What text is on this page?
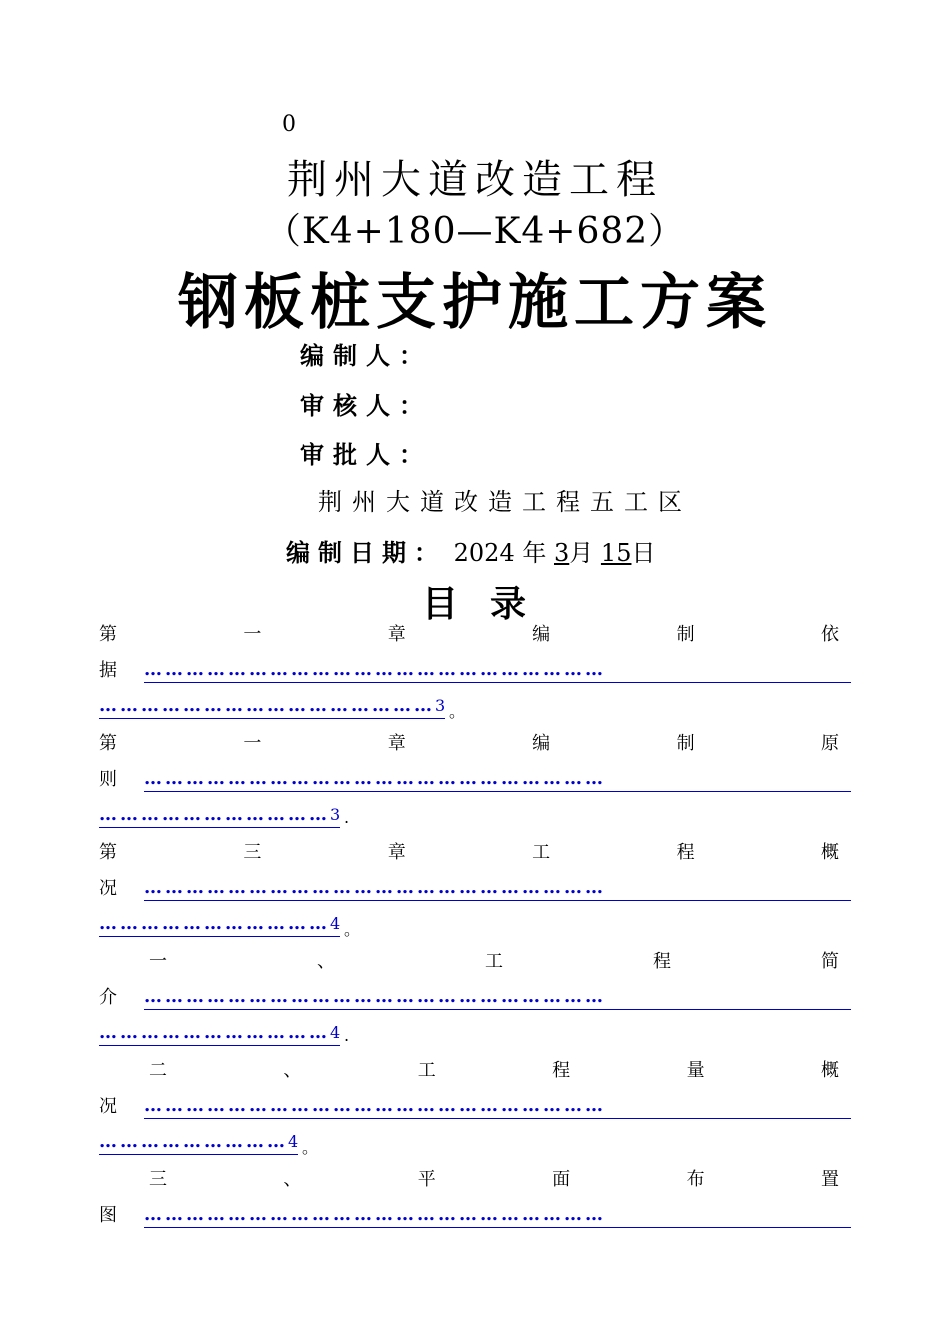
0
荆州大道改造工程
（K4+180—K4+682）
钢板桩支护施工方案
编制人：
审核人：
审批人：
荆州大道改造工程五工区
编制日期： 2024 年 3月 15日
目录
第	一	章	编	制	依
据 …………………………………………………………
…………………………………………3 。
第	一	章	编	制	原
则 …………………………………………………………
……………………………3 .
第	三	章	工	程	概
况 …………………………………………………………
……………………………4 。
一	、	工	程	简
介 …………………………………………………………
……………………………4 .
二	、	工	程	量	概
况 …………………………………………………………
………………………4 。
三	、	平	面	布	置
图 …………………………………………………………
